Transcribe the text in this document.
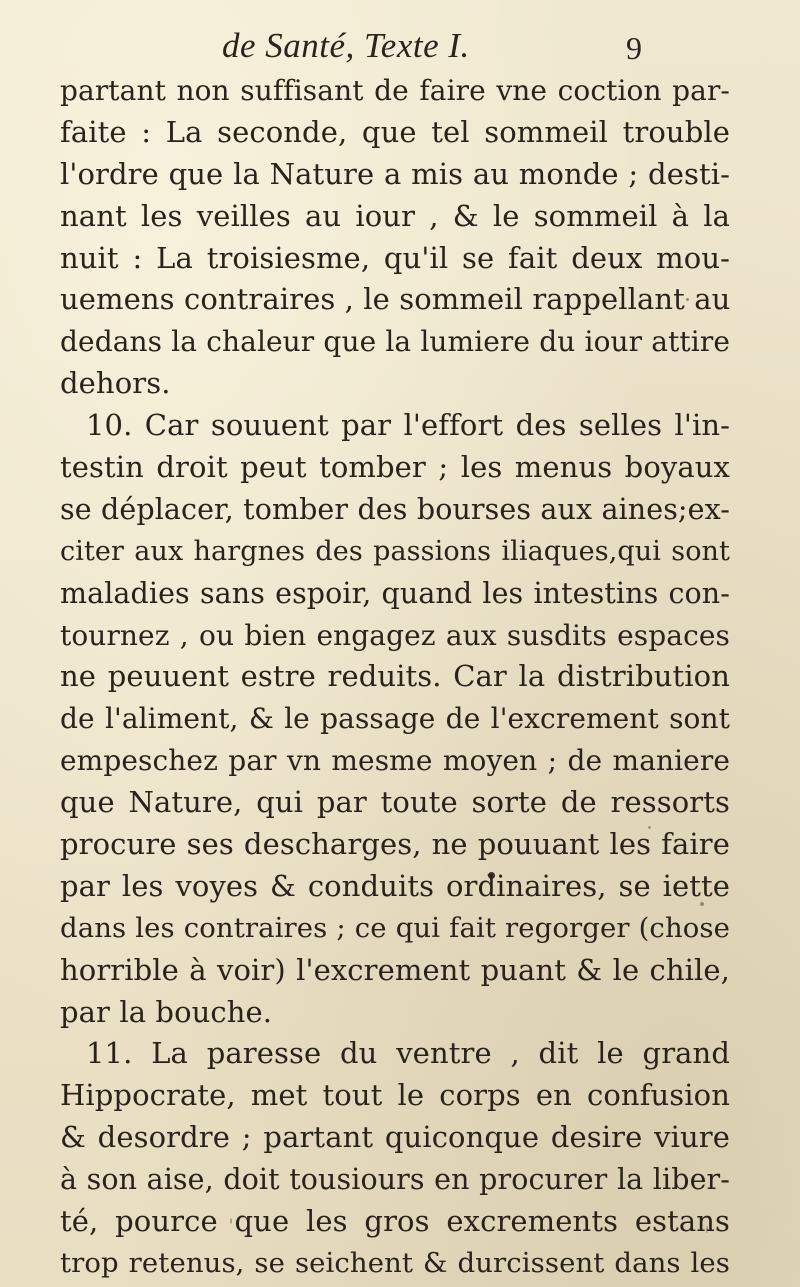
de Santé, Texte I.	9
partant non suffisant de faire vne coction par-
faite : La seconde, que tel sommeil trouble
l'ordre que la Nature a mis au monde ; desti-
nant les veilles au iour , & le sommeil à la
nuit : La troisiesme, qu'il se fait deux mou-
uemens contraires , le sommeil rappellant au
dedans la chaleur que la lumiere du iour attire
dehors.
10. Car souuent par l'effort des selles l'in-
testin droit peut tomber ; les menus boyaux
se déplacer, tomber des bourses aux aines;ex-
citer aux hargnes des passions iliaques,qui sont
maladies sans espoir, quand les intestins con-
tournez , ou bien engagez aux susdits espaces
ne peuuent estre reduits. Car la distribution
de l'aliment, & le passage de l'excrement sont
empeschez par vn mesme moyen ; de maniere
que Nature, qui par toute sorte de ressorts
procure ses descharges, ne pouuant les faire
par les voyes & conduits ordinaires, se iette
dans les contraires ; ce qui fait regorger (chose
horrible à voir) l'excrement puant & le chile,
par la bouche.
11. La paresse du ventre , dit le grand
Hippocrate, met tout le corps en confusion
& desordre ; partant quiconque desire viure
à son aise, doit tousiours en procurer la liber-
té, pource que les gros excrements estans
trop retenus, se seichent & durcissent dans les
